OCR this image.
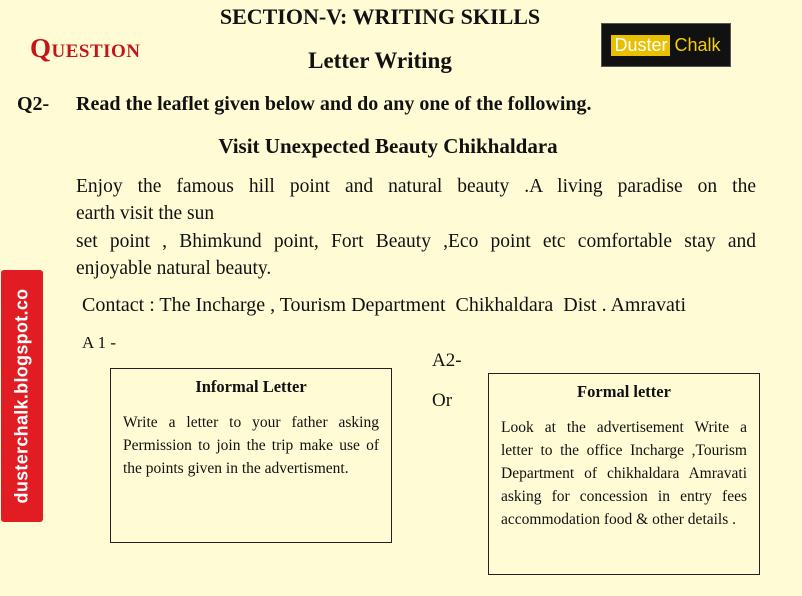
SECTION-V: WRITING SKILLS
Question	Letter Writing
Duster Chalk
dusterchalk.blogspot.co
Q2- Read the leaflet given below and do any one of the following.
Visit Unexpected Beauty Chikhaldara
Enjoy the famous hill point and natural beauty .A living paradise on the
earth visit the sun
set point , Bhimkund point, Fort Beauty ,Eco point etc comfortable stay and
enjoyable natural beauty.
Contact : The Incharge , Tourism Department  Chikhaldara  Dist . Amravati
A 1 -
A2-
Or
Informal Letter
Write a letter to your father asking Permission to join the trip make use of the points given in the advertisment.
Formal letter
Look at the advertisement Write a letter to the office Incharge ,Tourism Department of chikhaldara Amravati asking for concession in entry fees accommodation food & other details .
